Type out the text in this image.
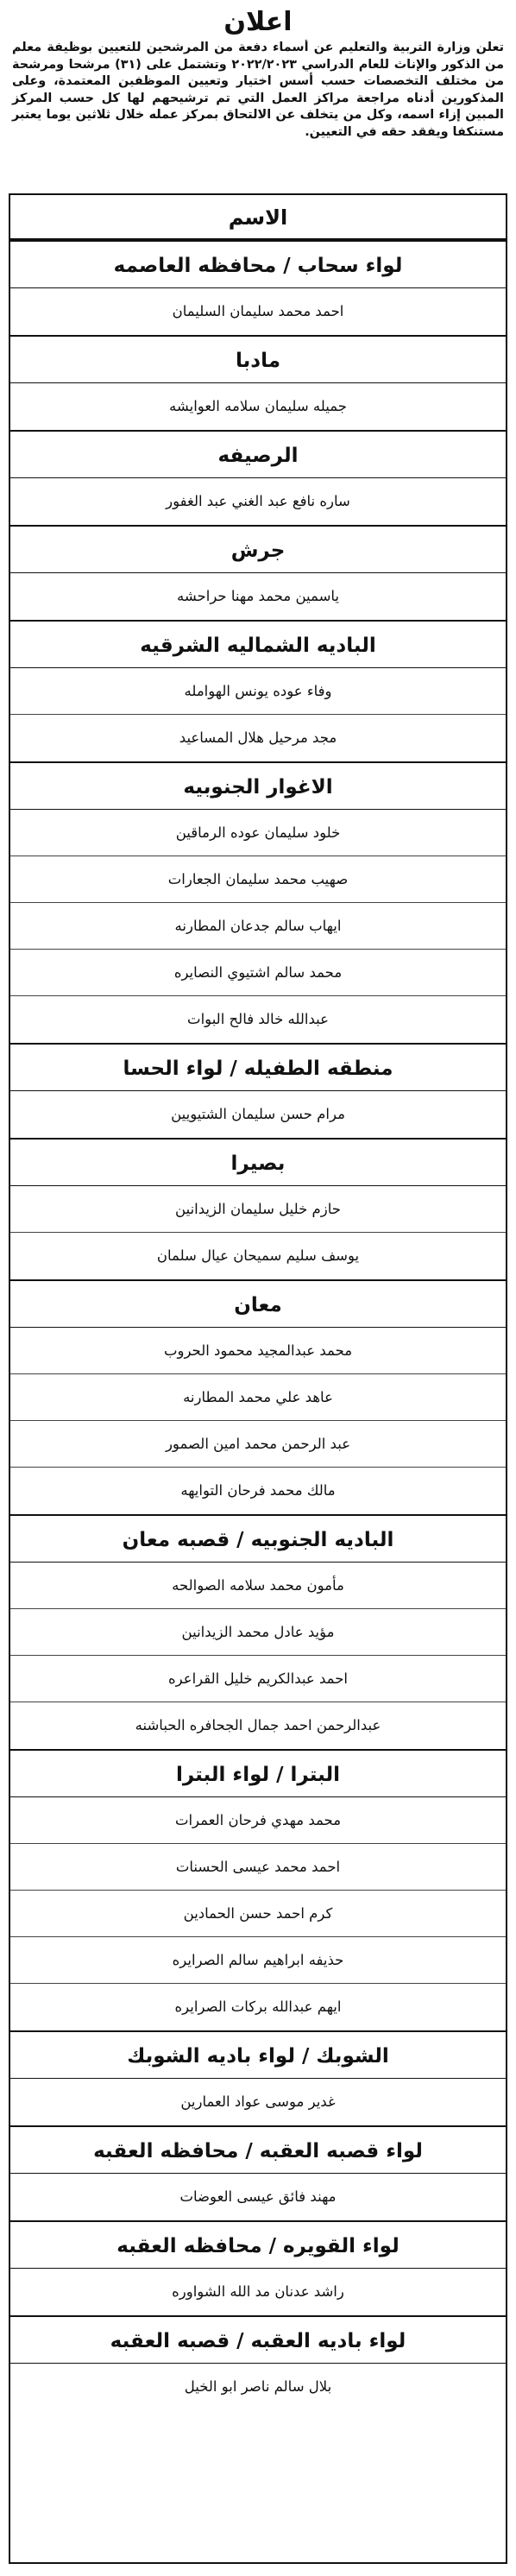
اعلان
تعلن وزارة التربية والتعليم عن أسماء دفعة من المرشحين للتعيين بوظيفة معلم من الذكور والإناث للعام الدراسي ٢٠٢٢/٢٠٢٣ وتشتمل على (٣١) مرشحا ومرشحة من مختلف التخصصات حسب أسس اختيار وتعيين الموظفين المعتمدة، وعلى المذكورين أدناه مراجعة مراكز العمل التي تم ترشيحهم لها كل حسب المركز المبين إزاء اسمه، وكل من يتخلف عن الالتحاق بمركز عمله خلال ثلاثين يوما يعتبر مستنكفا ويفقد حقه في التعيين.
الاسم
لواء سحاب / محافظه العاصمه
احمد محمد سليمان السليمان
مادبا
جميله سليمان سلامه العوايشه
الرصيفه
ساره نافع عبد الغني عبد الغفور
جرش
ياسمين محمد مهنا حراحشه
الباديه الشماليه الشرقيه
وفاء عوده يونس الهوامله
مجد مرحيل هلال المساعيد
الاغوار الجنوبيه
خلود سليمان عوده الرماقين
صهيب محمد سليمان الجعارات
ايهاب سالم جدعان المطارنه
محمد سالم اشتيوي النصايره
عبدالله خالد فالح البوات
منطقه الطفيله / لواء الحسا
مرام حسن سليمان الشتيويين
بصيرا
حازم خليل سليمان الزيدانين
يوسف سليم سميحان عيال سلمان
معان
محمد عبدالمجيد محمود الحروب
عاهد علي محمد المطارنه
عبد الرحمن محمد امين الصمور
مالك محمد فرحان التوايهه
الباديه الجنوبيه / قصبه معان
مأمون محمد سلامه الصوالحه
مؤيد عادل محمد الزيدانين
احمد عبدالكريم خليل القراعره
عبدالرحمن احمد جمال الجحافره الحباشنه
البترا / لواء البترا
محمد مهدي فرحان العمرات
احمد محمد عيسى الحسنات
كرم احمد حسن الحمادين
حذيفه ابراهيم سالم الصرايره
ايهم عبدالله بركات الصرايره
الشوبك / لواء باديه الشوبك
غدير موسى عواد العمارين
لواء قصبه العقبه / محافظه العقبه
مهند فائق عيسى العوضات
لواء القويره / محافظه العقبه
راشد عدنان مد الله الشواوره
لواء باديه العقبه / قصبه العقبه
بلال سالم ناصر ابو الخيل
